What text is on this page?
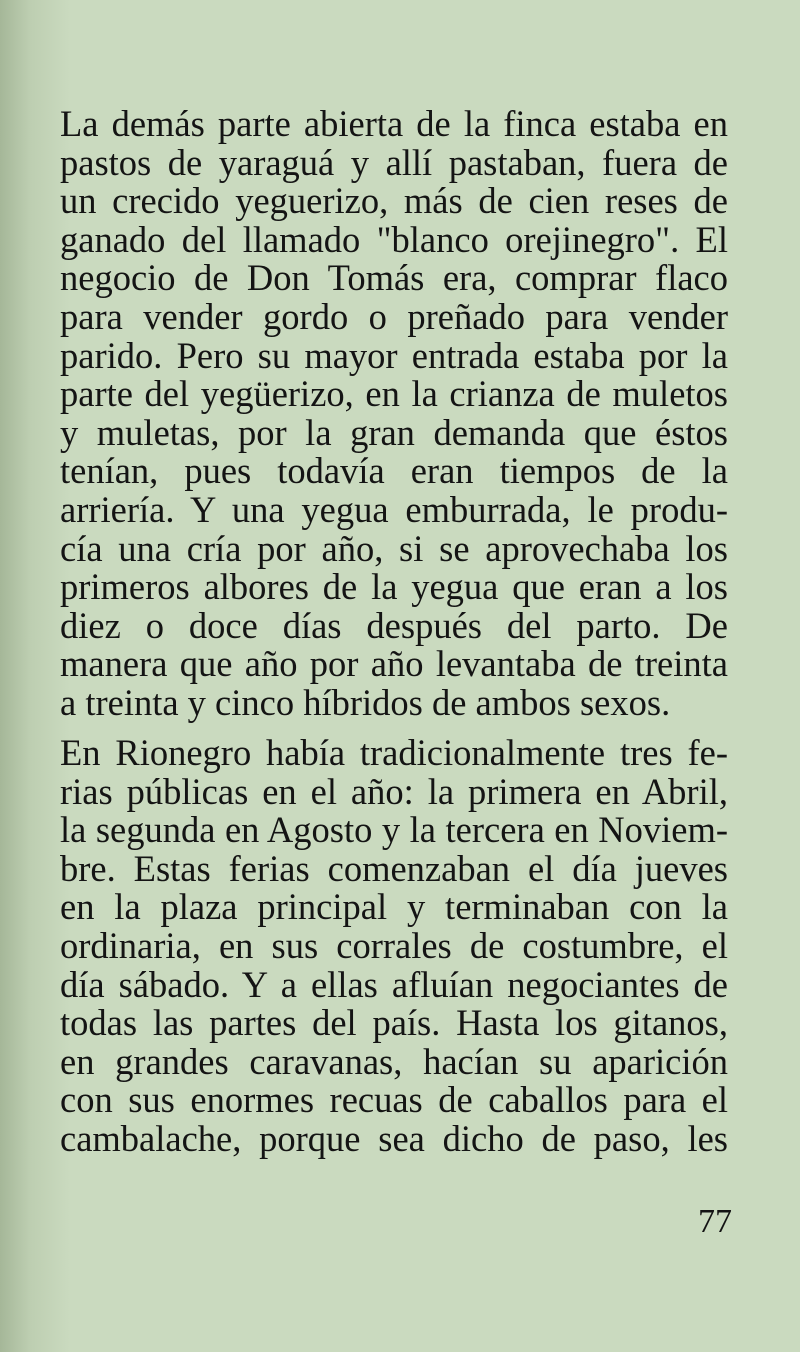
La demás parte abierta de la finca estaba en
pastos de yaraguá y allí pastaban, fuera de
un crecido yeguerizo, más de cien reses de
ganado del llamado "blanco orejinegro". El
negocio de Don Tomás era, comprar flaco
para vender gordo o preñado para vender
parido. Pero su mayor entrada estaba por la
parte del yegüerizo, en la crianza de muletos
y muletas, por la gran demanda que éstos
tenían, pues todavía eran tiempos de la
arriería. Y una yegua emburrada, le produ-
cía una cría por año, si se aprovechaba los
primeros albores de la yegua que eran a los
diez o doce días después del parto. De
manera que año por año levantaba de treinta
a treinta y cinco híbridos de ambos sexos.
En Rionegro había tradicionalmente tres fe-
rias públicas en el año: la primera en Abril,
la segunda en Agosto y la tercera en Noviem-
bre. Estas ferias comenzaban el día jueves
en la plaza principal y terminaban con la
ordinaria, en sus corrales de costumbre, el
día sábado. Y a ellas afluían negociantes de
todas las partes del país. Hasta los gitanos,
en grandes caravanas, hacían su aparición
con sus enormes recuas de caballos para el
cambalache, porque sea dicho de paso, les
77
